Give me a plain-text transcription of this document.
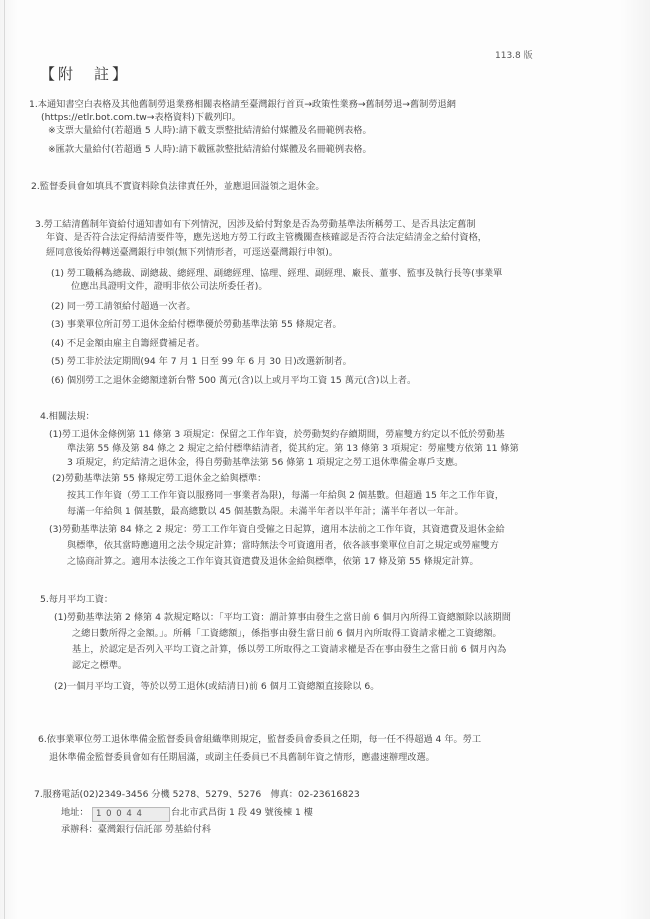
113.8 版
【附　註】
1.本通知書空白表格及其他舊制勞退業務相關表格請至臺灣銀行首頁→政策性業務→舊制勞退→舊制勞退網
(https://etlr.bot.com.tw→表格資料)下載列印。
※支票大量給付(若超過 5 人時):請下載支票整批結清給付媒體及名冊範例表格。
※匯款大量給付(若超過 5 人時):請下載匯款整批結清給付媒體及名冊範例表格。
2.監督委員會如填具不實資料除負法律責任外，並應退回溢領之退休金。
3.勞工結清舊制年資給付通知書如有下列情況，因涉及給付對象是否為勞動基準法所稱勞工、是否具法定舊制
年資、是否符合法定得結清要件等，應先送地方勞工行政主管機關查核確認是否符合法定結清金之給付資格，
經同意後始得轉送臺灣銀行申領(無下列情形者，可逕送臺灣銀行申領)。
(1) 勞工職稱為總裁、副總裁、總經理、副總經理、協理、經理、副經理、廠長、董事、監事及執行長等(事業單
位應出具證明文件，證明非依公司法所委任者)。
(2) 同一勞工請領給付超過一次者。
(3) 事業單位所訂勞工退休金給付標準優於勞動基準法第 55 條規定者。
(4) 不足金額由雇主自籌經費補足者。
(5) 勞工非於法定期間(94 年 7 月 1 日至 99 年 6 月 30 日)改選新制者。
(6) 個別勞工之退休金總額達新台幣 500 萬元(含)以上或月平均工資 15 萬元(含)以上者。
4.相關法規：
(1)勞工退休金條例第 11 條第 3 項規定：保留之工作年資，於勞動契約存續期間，勞雇雙方約定以不低於勞動基
準法第 55 條及第 84 條之 2 規定之給付標準結清者，從其約定。第 13 條第 3 項規定：勞雇雙方依第 11 條第
3 項規定，約定結清之退休金，得自勞動基準法第 56 條第 1 項規定之勞工退休準備金專戶支應。
(2)勞動基準法第 55 條規定勞工退休金之給與標準：
按其工作年資（勞工工作年資以服務同一事業者為限)，每滿一年給與 2 個基數。但超過 15 年之工作年資，
每滿一年給與 1 個基數，最高總數以 45 個基數為限。未滿半年者以半年計；滿半年者以一年計。
(3)勞動基準法第 84 條之 2 規定：勞工工作年資自受僱之日起算，適用本法前之工作年資，其資遣費及退休金給
與標準，依其當時應適用之法令規定計算；當時無法令可資適用者，依各該事業單位自訂之規定或勞雇雙方
之協商計算之。適用本法後之工作年資其資遣費及退休金給與標準，依第 17 條及第 55 條規定計算。
5.每月平均工資：
(1)勞動基準法第 2 條第 4 款規定略以：「平均工資：謂計算事由發生之當日前 6 個月內所得工資總額除以該期間
之總日數所得之金額。」。所稱「工資總額」，係指事由發生當日前 6 個月內所取得工資請求權之工資總額。
基上，於認定是否列入平均工資之計算，係以勞工所取得之工資請求權是否在事由發生之當日前 6 個月內為
認定之標準。
(2)一個月平均工資，等於以勞工退休(或結清日)前 6 個月工資總額直接除以 6。
6.依事業單位勞工退休準備金監督委員會組織準則規定，監督委員會委員之任期，每一任不得超過 4 年。勞工
退休準備金監督委員會如有任期屆滿，或副主任委員已不具舊制年資之情形，應盡速辦理改選。
7.服務電話(02)2349-3456 分機 5278、5279、5276　傳真：02-23616823
地址： 1 0 0 4 4	台北市武昌街 1 段 49 號後棟 1 樓
承辦科：臺灣銀行信託部 勞基給付科
